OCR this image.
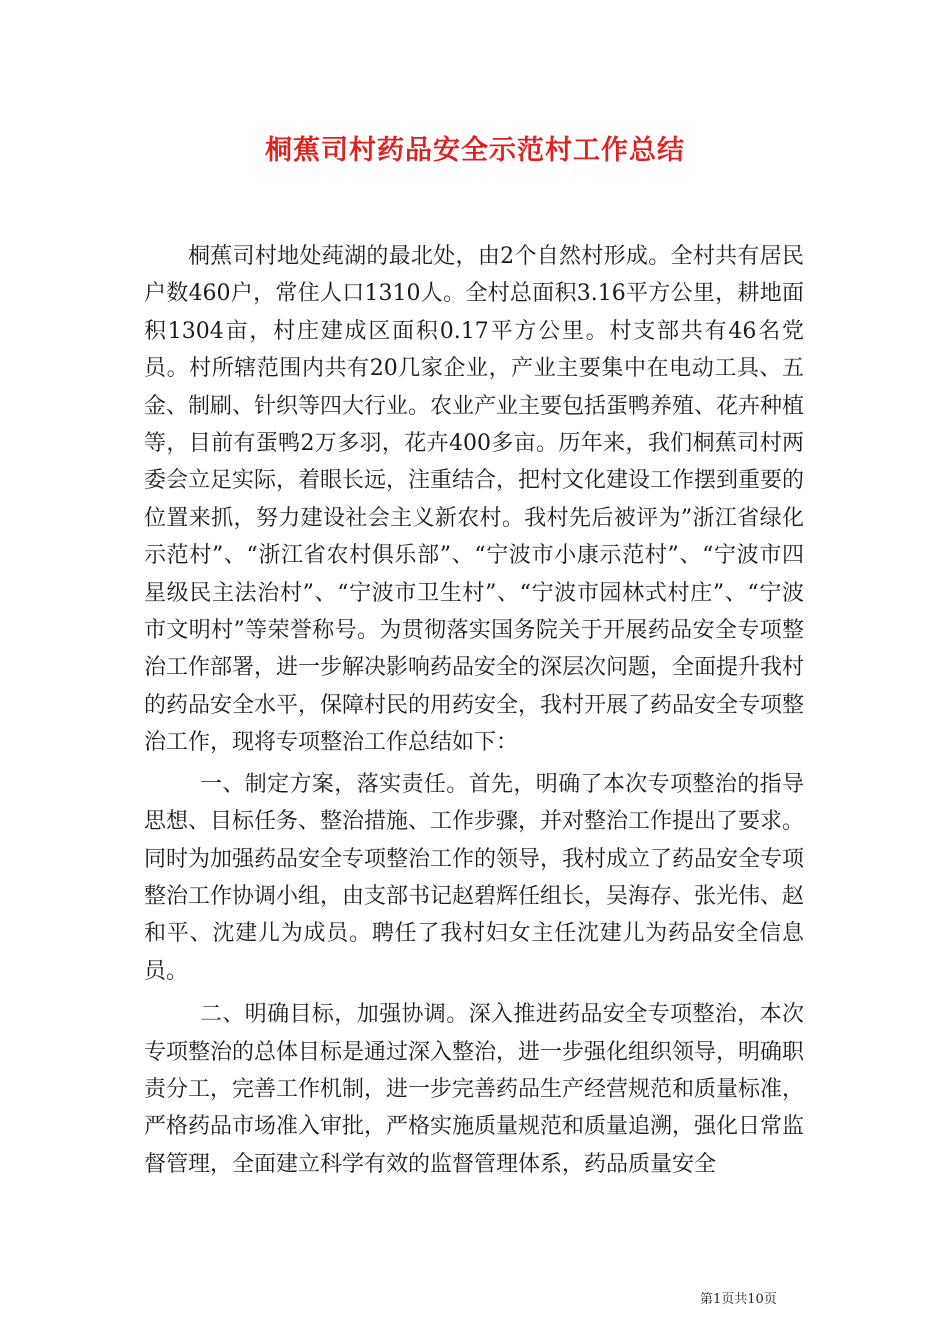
桐蕉司村药品安全示范村工作总结

桐蕉司村地处莼湖的最北处，由2个自然村形成。全村共有居民户数460户，常住人口1310人。全村总面积3.16平方公里，耕地面积1304亩，村庄建成区面积0.17平方公里。村支部共有46名党员。村所辖范围内共有20几家企业，产业主要集中在电动工具、五金、制刷、针织等四大行业。农业产业主要包括蛋鸭养殖、花卉种植等，目前有蛋鸭2万多羽，花卉400多亩。历年来，我们桐蕉司村两委会立足实际，着眼长远，注重结合，把村文化建设工作摆到重要的位置来抓，努力建设社会主义新农村。我村先后被评为”浙江省绿化示范村”、“浙江省农村俱乐部”、“宁波市小康示范村”、“宁波市四星级民主法治村”、“宁波市卫生村”、“宁波市园林式村庄”、“宁波市文明村”等荣誉称号。为贯彻落实国务院关于开展药品安全专项整治工作部署，进一步解决影响药品安全的深层次问题，全面提升我村的药品安全水平，保障村民的用药安全，我村开展了药品安全专项整治工作，现将专项整治工作总结如下：

一、制定方案，落实责任。首先，明确了本次专项整治的指导思想、目标任务、整治措施、工作步骤，并对整治工作提出了要求。同时为加强药品安全专项整治工作的领导，我村成立了药品安全专项整治工作协调小组，由支部书记赵碧辉任组长，吴海存、张光伟、赵和平、沈建儿为成员。聘任了我村妇女主任沈建儿为药品安全信息员。

二、明确目标，加强协调。深入推进药品安全专项整治，本次专项整治的总体目标是通过深入整治，进一步强化组织领导，明确职责分工，完善工作机制，进一步完善药品生产经营规范和质量标准，严格药品市场准入审批，严格实施质量规范和质量追溯，强化日常监督管理，全面建立科学有效的监督管理体系，药品质量安全

第1页共10页
